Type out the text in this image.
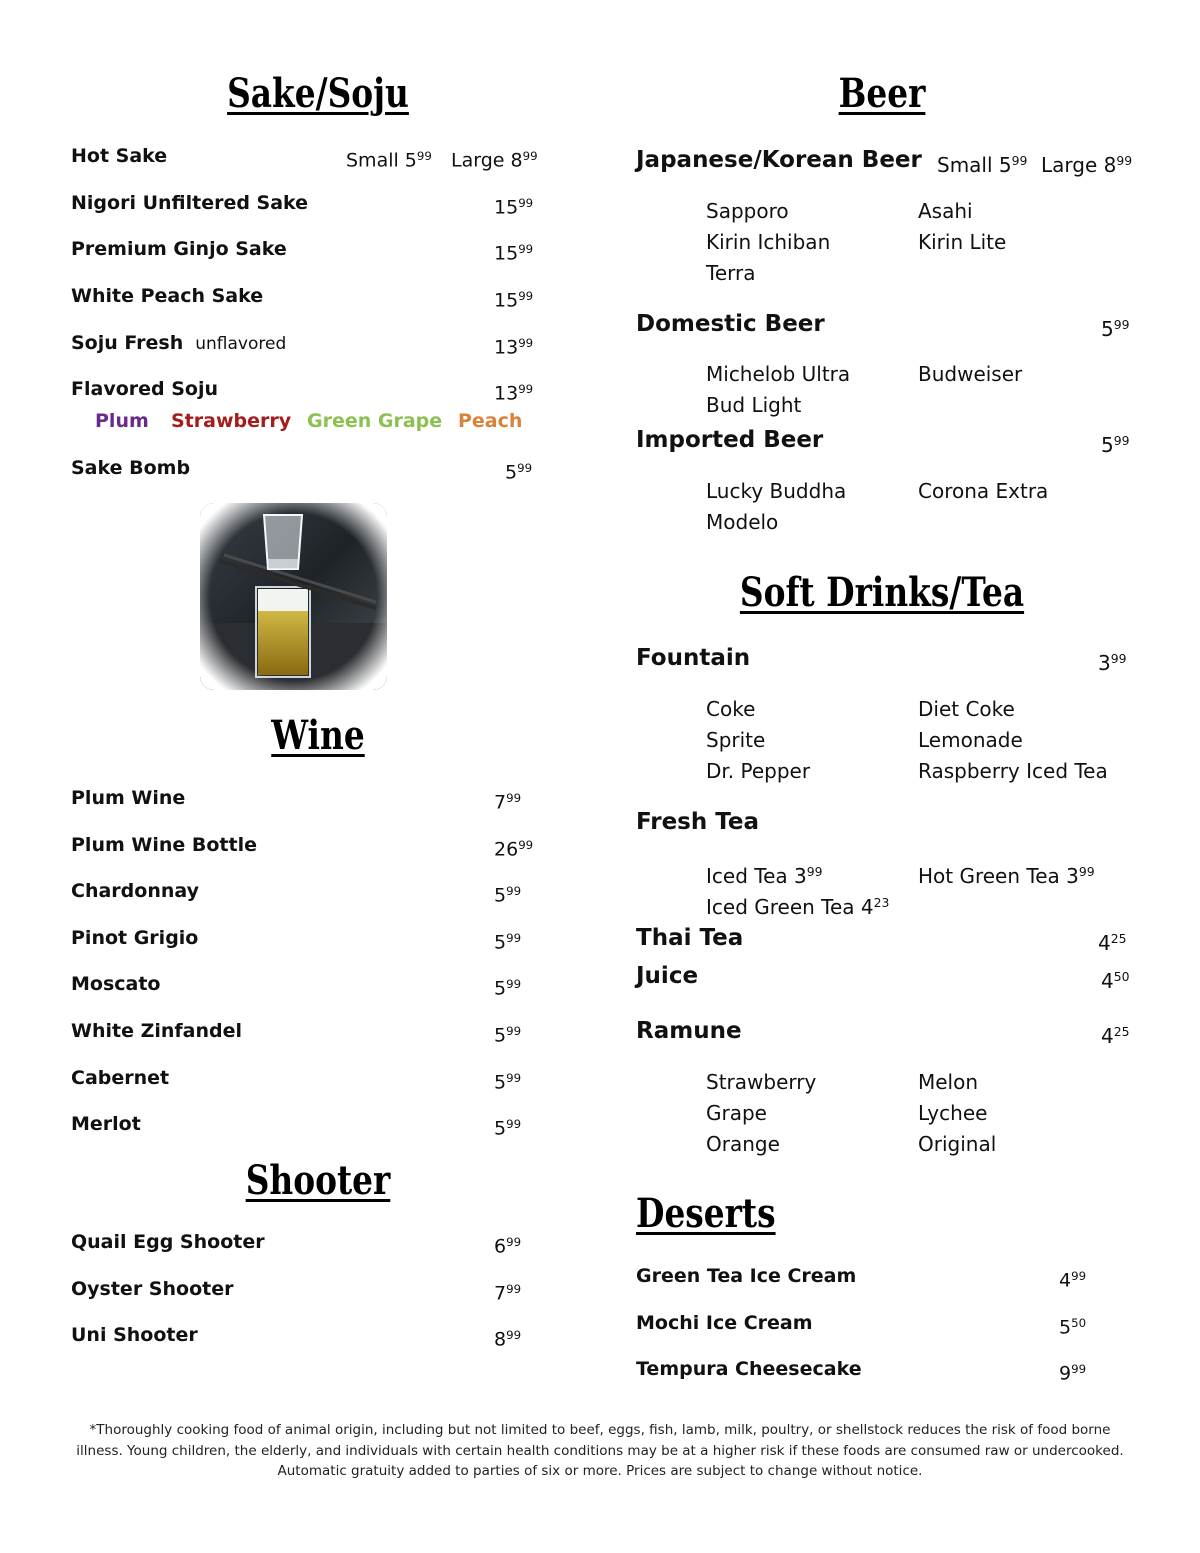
Sake/Soju
Hot Sake	Small $5^{99}$ Large $8^{99}$
Nigori Unfiltered Sake	$15^{99}$
Premium Ginjo Sake	$15^{99}$
White Peach Sake	$15^{99}$
Soju Fresh unflavored	$13^{99}$
Flavored Soju	$13^{99}$
Plum Strawberry Green Grape Peach
Sake Bomb	$5^{99}$
Wine
Plum Wine	$7^{99}$
Plum Wine Bottle	$26^{99}$
Chardonnay	$5^{99}$
Pinot Grigio	$5^{99}$
Moscato	$5^{99}$
White Zinfandel	$5^{99}$
Cabernet	$5^{99}$
Merlot	$5^{99}$
Shooter
Quail Egg Shooter	$6^{99}$
Oyster Shooter	$7^{99}$
Uni Shooter	$8^{99}$
Beer
Japanese/Korean Beer Small $5^{99}$ Large $8^{99}$
Sapporo	Asahi
Kirin Ichiban	Kirin Lite
Terra
Domestic Beer	$5^{99}$
Michelob Ultra	Budweiser
Bud Light
Imported Beer	$5^{99}$
Lucky Buddha	Corona Extra
Modelo
Soft Drinks/Tea
Fountain	$3^{99}$
Coke	Diet Coke
Sprite	Lemonade
Dr. Pepper	Raspberry Iced Tea
Fresh Tea
Iced Tea $3^{99}$	Hot Green Tea $3^{99}$
Iced Green Tea $4^{23}$
Thai Tea	$4^{25}$
Juice	$4^{50}$
Ramune	$4^{25}$
Strawberry	Melon
Grape	Lychee
Orange	Original
Deserts
Green Tea Ice Cream	$4^{99}$
Mochi Ice Cream	$5^{50}$
Tempura Cheesecake	$9^{99}$
*Thoroughly cooking food of animal origin, including but not limited to beef, eggs, fish, lamb, milk, poultry, or shellstock reduces the risk of food borne
illness. Young children, the elderly, and individuals with certain health conditions may be at a higher risk if these foods are consumed raw or undercooked.
Automatic gratuity added to parties of six or more. Prices are subject to change without notice.
